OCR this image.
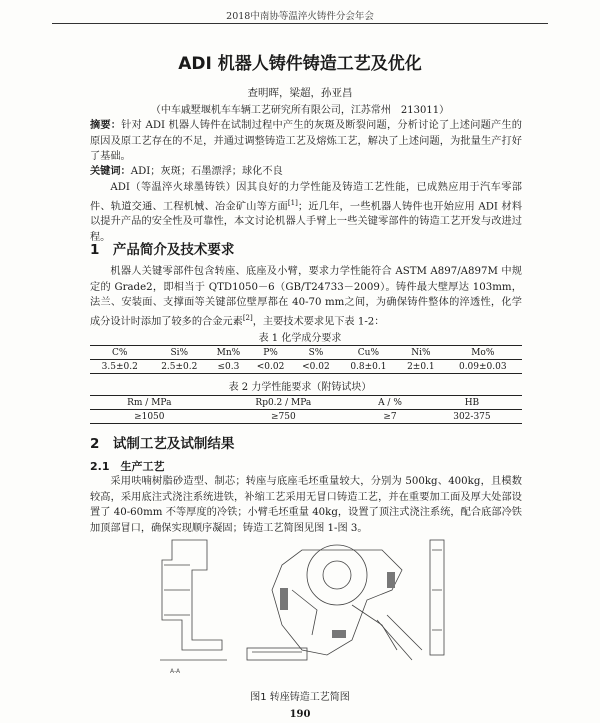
2018中南协等温淬火铸件分会年会
ADI 机器人铸件铸造工艺及优化
查明晖，梁超，孙亚昌
（中车戚墅堰机车车辆工艺研究所有限公司，江苏常州　213011）
摘要：针对 ADI 机器人铸件在试制过程中产生的灰斑及断裂问题，分析讨论了上述问题产生的原因及原工艺存在的不足，并通过调整铸造工艺及熔炼工艺，解决了上述问题，为批量生产打好了基础。
关键词：ADI；灰斑；石墨漂浮；球化不良
ADI（等温淬火球墨铸铁）因其良好的力学性能及铸造工艺性能，已成熟应用于汽车零部件、轨道交通、工程机械、冶金矿山等方面[1]；近几年，一些机器人铸件也开始应用 ADI 材料以提升产品的安全性及可靠性，本文讨论机器人手臂上一些关键零部件的铸造工艺开发与改进过程。
1　产品简介及技术要求
机器人关键零部件包含转座、底座及小臂，要求力学性能符合 ASTM A897/A897M 中规定的 Grade2，即相当于 QTD1050－6（GB/T24733－2009）。铸件最大壁厚达 103mm，法兰、安装面、支撑面等关键部位壁厚都在 40-70 mm之间，为确保铸件整体的淬透性，化学成分设计时添加了较多的合金元素[2]，主要技术要求见下表 1-2：
表 1 化学成分要求
C%	Si%	Mn%	P%	S%	Cu%	Ni%	Mo%
3.5±0.2	2.5±0.2	≤0.3	<0.02	<0.02	0.8±0.1	2±0.1	0.09±0.03
表 2 力学性能要求（附铸试块）
Rm / MPa	Rp0.2 / MPa	A / %	HB
≥1050	≥750	≥7	302-375
2　试制工艺及试制结果
2.1　生产工艺
采用呋喃树脂砂造型、制芯；转座与底座毛坯重量较大，分别为 500kg、400kg，且模数较高，采用底注式浇注系统进铁，补缩工艺采用无冒口铸造工艺，并在重要加工面及厚大处部设置了 40-60mm 不等厚度的冷铁；小臂毛坯重量 40kg，设置了顶注式浇注系统，配合底部冷铁加顶部冒口，确保实现顺序凝固；铸造工艺简图见图 1-图 3。
A-A
图1 转座铸造工艺简图
190
